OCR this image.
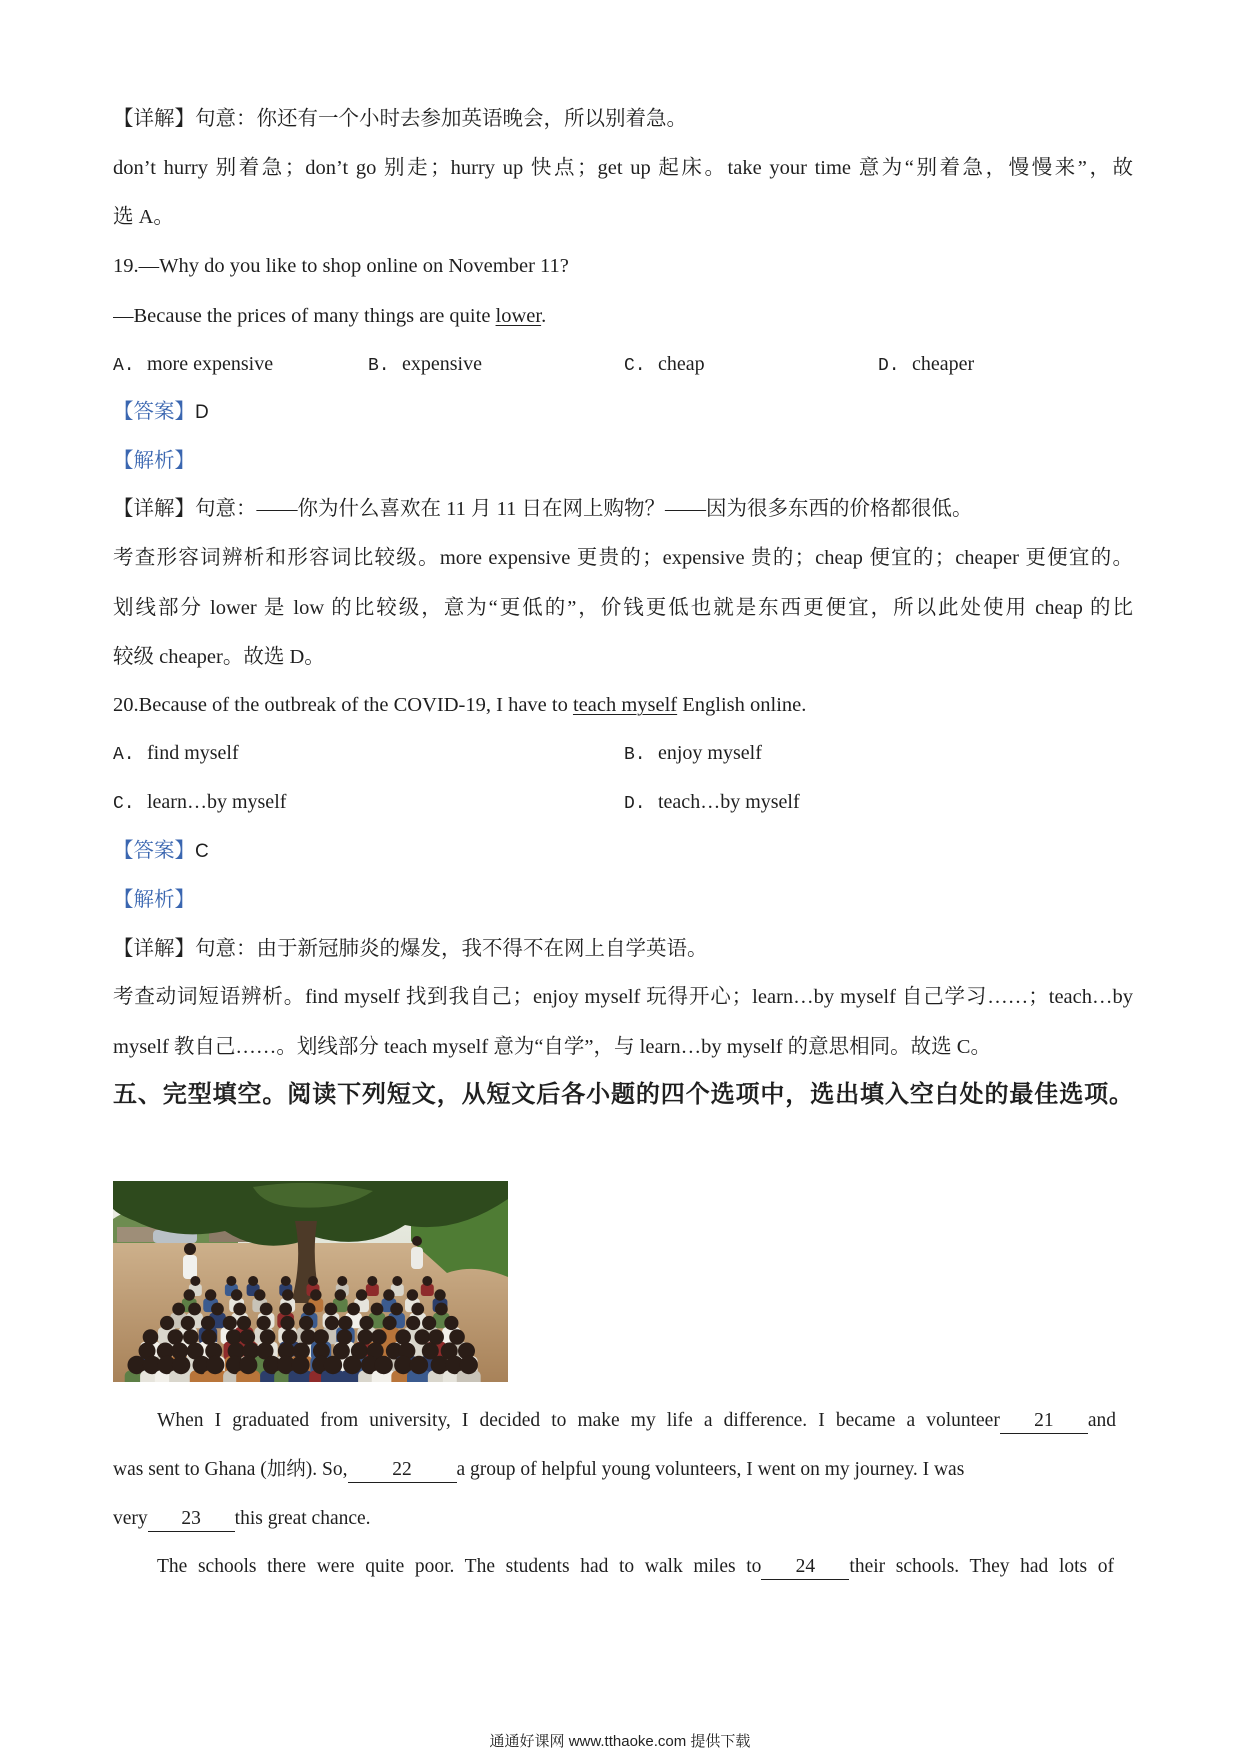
【详解】句意：你还有一个小时去参加英语晚会，所以别着急。
don’t hurry 别着急；don’t go 别走；hurry up 快点；get up 起床。take your time 意为“别着急，慢慢来”，故
选 A。
19.—Why do you like to shop online on November 11?
—Because the prices of many things are quite lower.
A. more expensive	B. expensive	C. cheap	D. cheaper
【答案】D
【解析】
【详解】句意：——你为什么喜欢在 11 月 11 日在网上购物？——因为很多东西的价格都很低。
考查形容词辨析和形容词比较级。more expensive 更贵的；expensive 贵的；cheap 便宜的；cheaper 更便宜的。
划线部分 lower 是 low 的比较级，意为“更低的”，价钱更低也就是东西更便宜，所以此处使用 cheap 的比
较级 cheaper。故选 D。
20.Because of the outbreak of the COVID-19, I have to teach myself English online.
A. find myself	B. enjoy myself
C. learn…by myself	D. teach…by myself
【答案】C
【解析】
【详解】句意：由于新冠肺炎的爆发，我不得不在网上自学英语。
考查动词短语辨析。find myself 找到我自己；enjoy myself 玩得开心；learn…by myself 自己学习……；teach…by
myself 教自己……。划线部分 teach myself 意为“自学”，与 learn…by myself 的意思相同。故选 C。
五、完型填空。阅读下列短文，从短文后各小题的四个选项中，选出填入空白处的最佳选项。
When I graduated from university, I decided to make my life a difference. I became a volunteer 21 and
was sent to Ghana (加纳). So, 22 a group of helpful young volunteers, I went on my journey. I was
very 23 this great chance.
The schools there were quite poor. The students had to walk miles to 24 their schools. They had lots of
通通好课网 www.tthaoke.com 提供下载
